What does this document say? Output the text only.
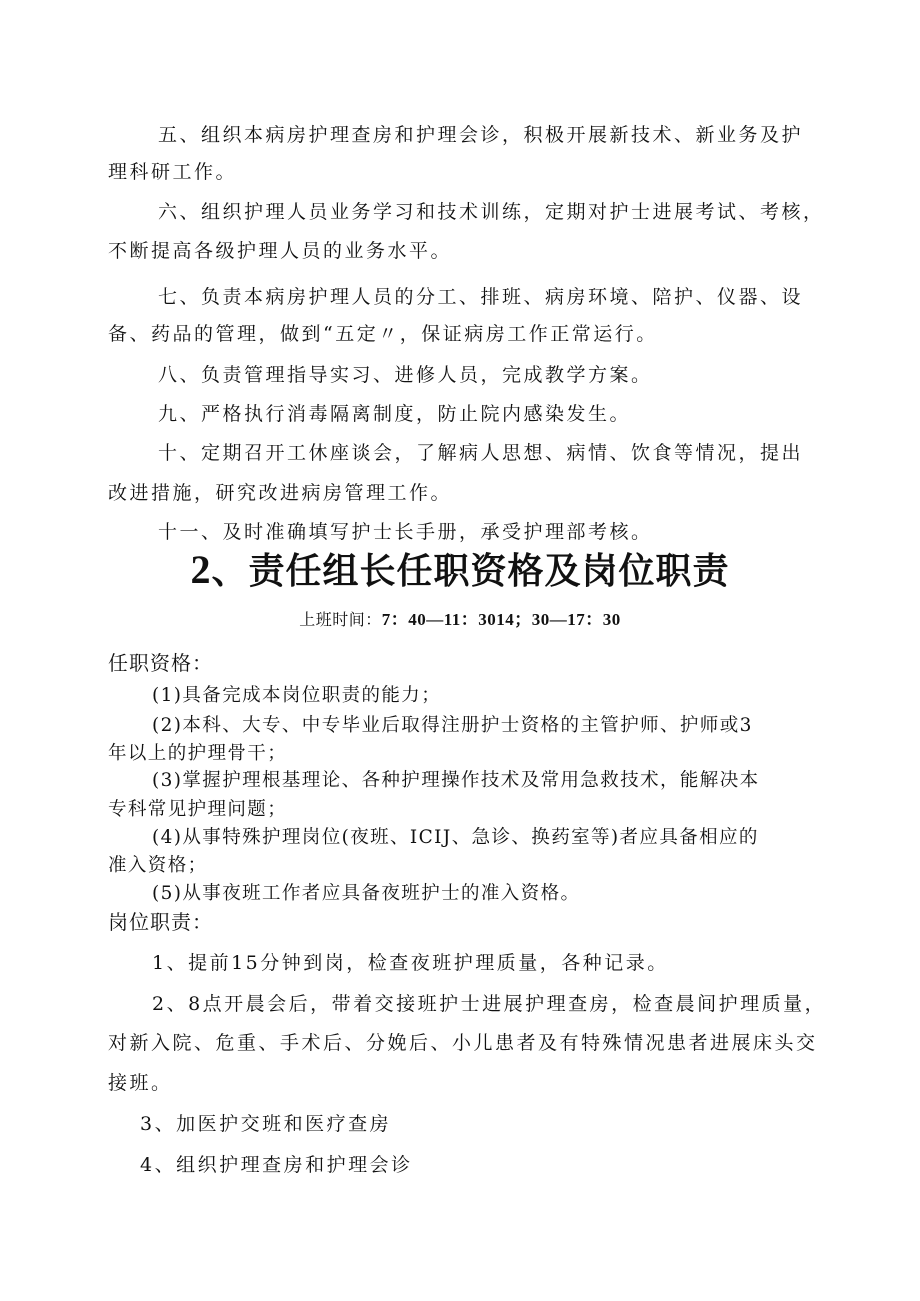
五、组织本病房护理查房和护理会诊，积极开展新技术、新业务及护
理科研工作。
六、组织护理人员业务学习和技术训练，定期对护士进展考试、考核，
不断提高各级护理人员的业务水平。
七、负责本病房护理人员的分工、排班、病房环境、陪护、仪器、设
备、药品的管理，做到“五定〃，保证病房工作正常运行。
八、负责管理指导实习、进修人员，完成教学方案。
九、严格执行消毒隔离制度，防止院内感染发生。
十、定期召开工休座谈会，了解病人思想、病情、饮食等情况，提出
改进措施，研究改进病房管理工作。
十一、及时准确填写护士长手册，承受护理部考核。
2、责任组长任职资格及岗位职责
上班时间：7：40—11：3014；30—17：30
任职资格：
(1)具备完成本岗位职责的能力；
(2)本科、大专、中专毕业后取得注册护士资格的主管护师、护师或3
年以上的护理骨干；
(3)掌握护理根基理论、各种护理操作技术及常用急救技术，能解决本
专科常见护理问题；
(4)从事特殊护理岗位(夜班、ICIJ、急诊、换药室等)者应具备相应的
准入资格；
(5)从事夜班工作者应具备夜班护士的准入资格。
岗位职责：
1、提前15分钟到岗，检查夜班护理质量，各种记录。
2、8点开晨会后，带着交接班护士进展护理查房，检查晨间护理质量，
对新入院、危重、手术后、分娩后、小儿患者及有特殊情况患者进展床头交
接班。
3、加医护交班和医疗查房
4、组织护理查房和护理会诊
